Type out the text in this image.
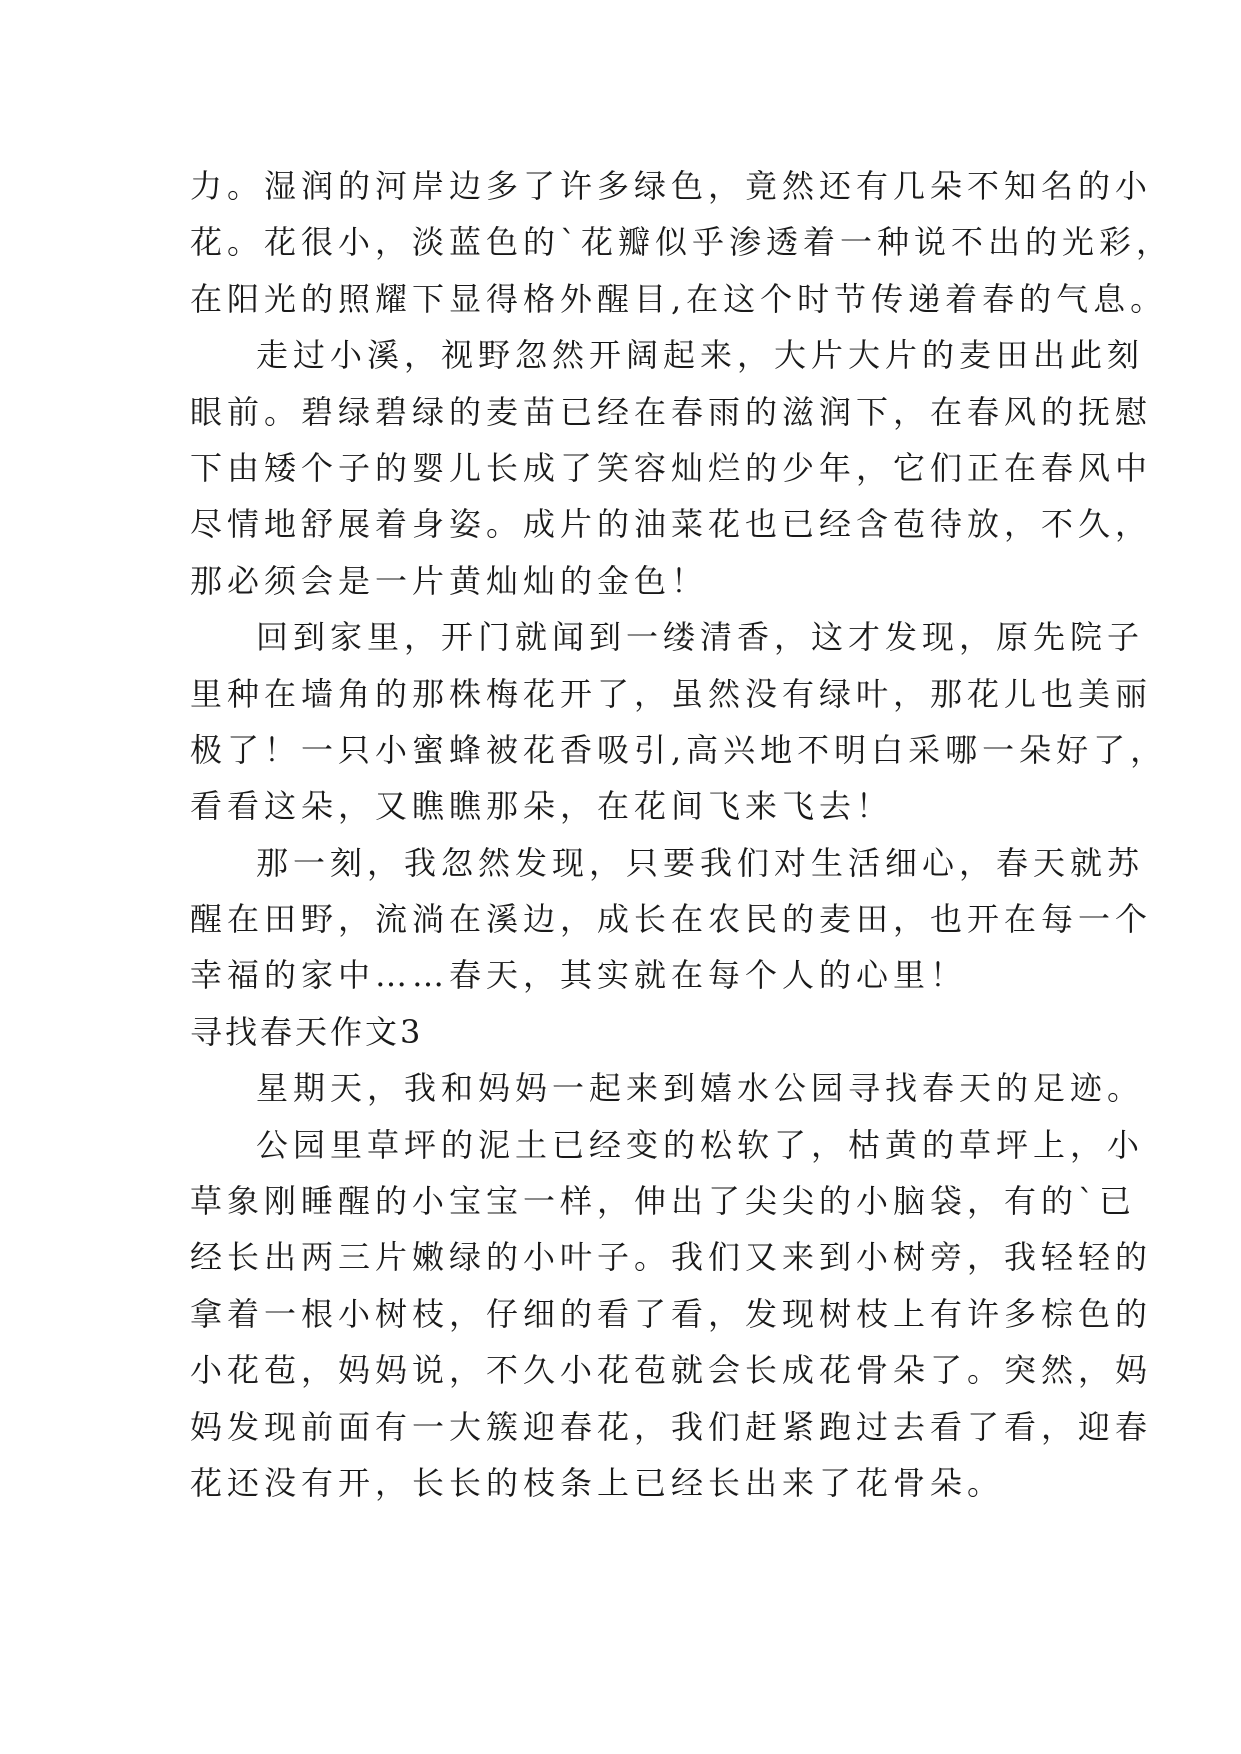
力。湿润的河岸边多了许多绿色，竟然还有几朵不知名的小
花。花很小，淡蓝色的`花瓣似乎渗透着一种说不出的光彩，
在阳光的照耀下显得格外醒目,在这个时节传递着春的气息。
走过小溪，视野忽然开阔起来，大片大片的麦田出此刻
眼前。碧绿碧绿的麦苗已经在春雨的滋润下，在春风的抚慰
下由矮个子的婴儿长成了笑容灿烂的少年，它们正在春风中
尽情地舒展着身姿。成片的油菜花也已经含苞待放，不久，
那必须会是一片黄灿灿的金色！
回到家里，开门就闻到一缕清香，这才发现，原先院子
里种在墙角的那株梅花开了，虽然没有绿叶，那花儿也美丽
极了！一只小蜜蜂被花香吸引,高兴地不明白采哪一朵好了，
看看这朵，又瞧瞧那朵，在花间飞来飞去！
那一刻，我忽然发现，只要我们对生活细心，春天就苏
醒在田野，流淌在溪边，成长在农民的麦田，也开在每一个
幸福的家中……春天，其实就在每个人的心里！
寻找春天作文3
星期天，我和妈妈一起来到嬉水公园寻找春天的足迹。
公园里草坪的泥土已经变的松软了，枯黄的草坪上，小
草象刚睡醒的小宝宝一样，伸出了尖尖的小脑袋，有的`已
经长出两三片嫩绿的小叶子。我们又来到小树旁，我轻轻的
拿着一根小树枝，仔细的看了看，发现树枝上有许多棕色的
小花苞，妈妈说，不久小花苞就会长成花骨朵了。突然，妈
妈发现前面有一大簇迎春花，我们赶紧跑过去看了看，迎春
花还没有开，长长的枝条上已经长出来了花骨朵。
